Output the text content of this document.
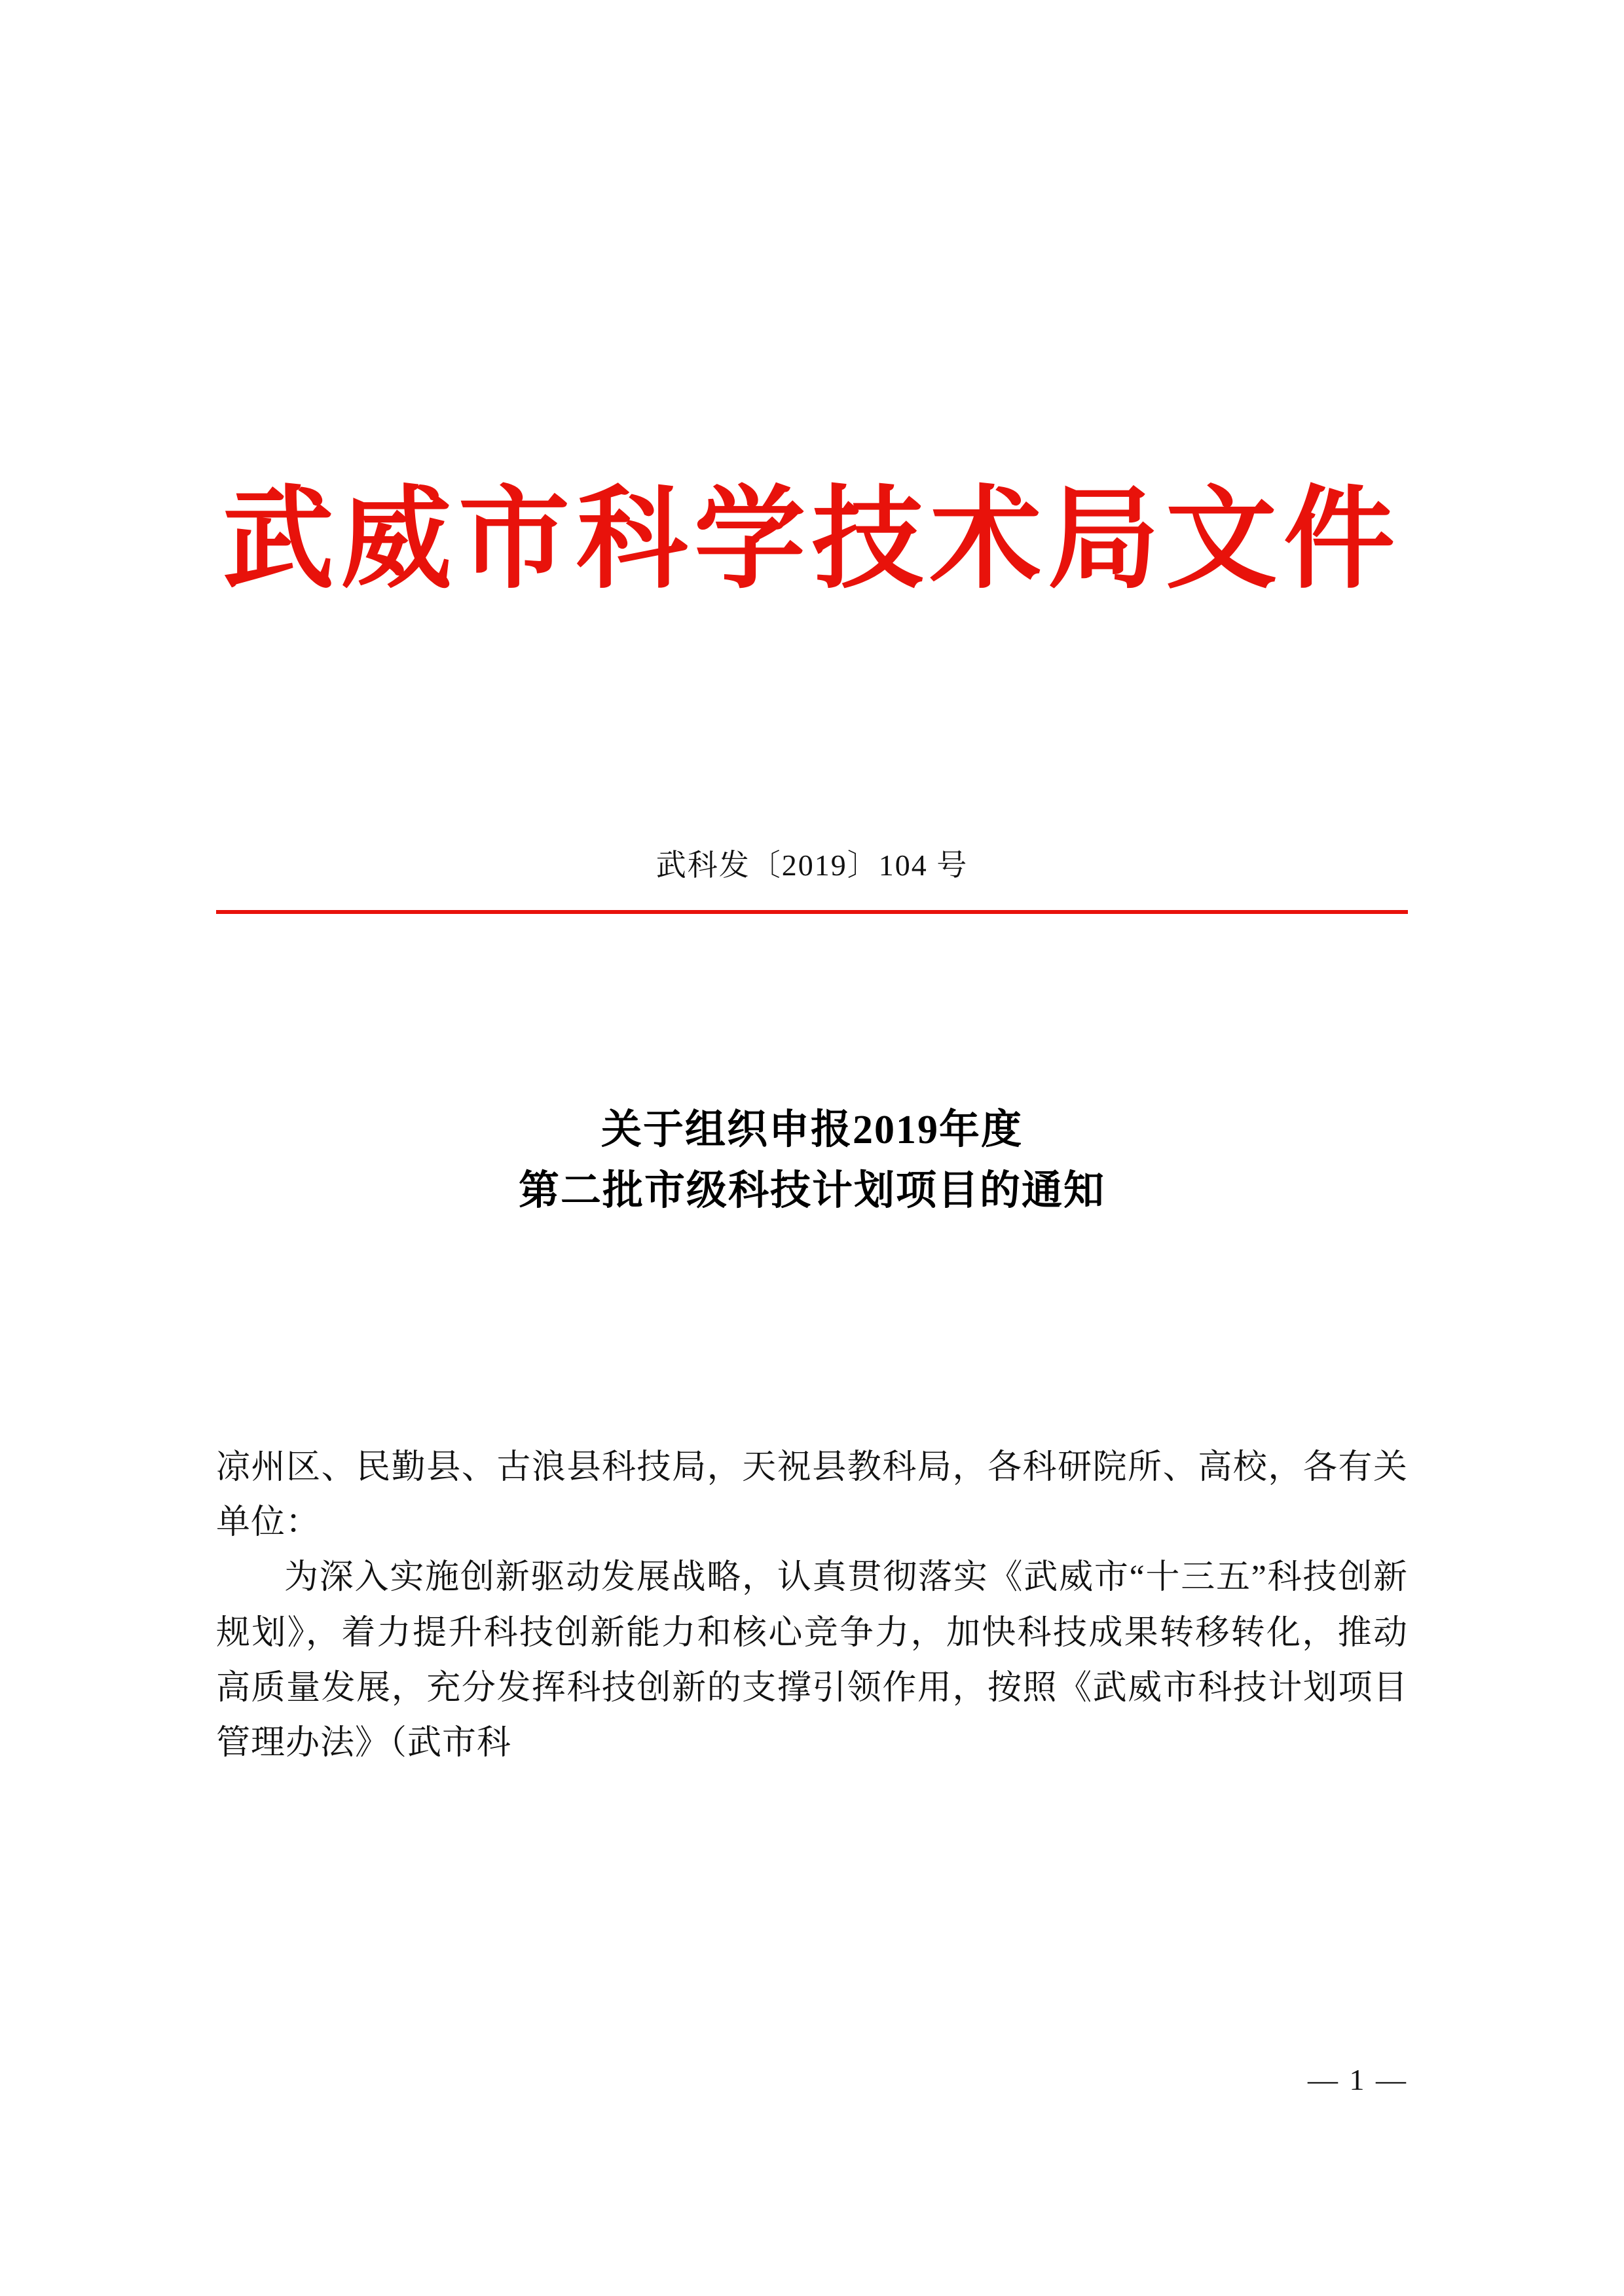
武威市科学技术局文件
武科发〔2019〕104 号
关于组织申报2019年度
第二批市级科技计划项目的通知

凉州区、民勤县、古浪县科技局，天祝县教科局，各科研院所、高校，各有关单位：

为深入实施创新驱动发展战略，认真贯彻落实《武威市“十三五”科技创新规划》，着力提升科技创新能力和核心竞争力，加快科技成果转移转化，推动高质量发展，充分发挥科技创新的支撑引领作用，按照《武威市科技计划项目管理办法》（武市科

— 1 —
